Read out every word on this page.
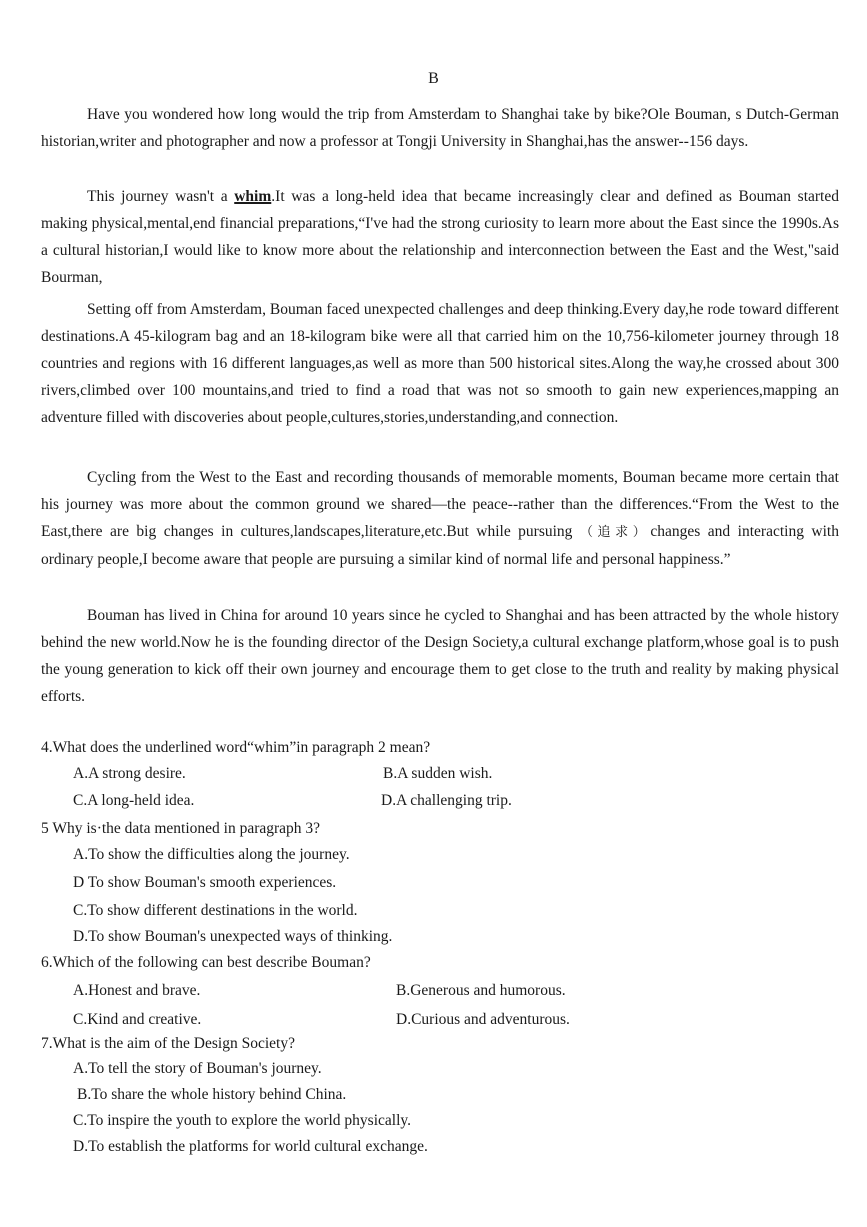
B

Have you wondered how long would the trip from Amsterdam to Shanghai take by bike?Ole Bouman, s Dutch-German historian,writer and photographer and now a professor at Tongji University in Shanghai,has the answer--156 days.

This journey wasn't a whim.It was a long-held idea that became increasingly clear and defined as Bouman started making physical,mental,end financial preparations,“I've had the strong curiosity to learn more about the East since the 1990s.As a cultural historian,I would like to know more about the relationship and interconnection between the East and the West,"said Bourman,

Setting off from Amsterdam, Bouman faced unexpected challenges and deep thinking.Every day,he rode toward different destinations.A 45-kilogram bag and an 18-kilogram bike were all that carried him on the 10,756-kilometer journey through 18 countries and regions with 16 different languages,as well as more than 500 historical sites.Along the way,he crossed about 300 rivers,climbed over 100 mountains,and tried to find a road that was not so smooth to gain new experiences,mapping an adventure filled with discoveries about people,cultures,stories,understanding,and connection.

Cycling from the West to the East and recording thousands of memorable moments, Bouman became more certain that his journey was more about the common ground we shared—the peace--rather than the differences.“From the West to the East,there are big changes in cultures,landscapes,literature,etc.But while pursuing （追求）changes and interacting with ordinary people,I become aware that people are pursuing a similar kind of normal life and personal happiness.”

Bouman has lived in China for around 10 years since he cycled to Shanghai and has been attracted by the whole history behind the new world.Now he is the founding director of the Design Society,a cultural exchange platform,whose goal is to push the young generation to kick off their own journey and encourage them to get close to the truth and reality by making physical efforts.

4.What does the underlined word“whim”in paragraph 2 mean?

A.A strong desire.	B.A sudden wish.

C.A long-held idea.	D.A challenging trip.

5 Why is·the data mentioned in paragraph 3?

A.To show the difficulties along the journey.

D To show Bouman's smooth experiences.

C.To show different destinations in the world.

D.To show Bouman's unexpected ways of thinking.

6.Which of the following can best describe Bouman?

A.Honest and brave.	B.Generous and humorous.

C.Kind and creative.	D.Curious and adventurous.

7.What is the aim of the Design Society?

A.To tell the story of Bouman's journey.

B.To share the whole history behind China.

C.To inspire the youth to explore the world physically.

D.To establish the platforms for world cultural exchange.
